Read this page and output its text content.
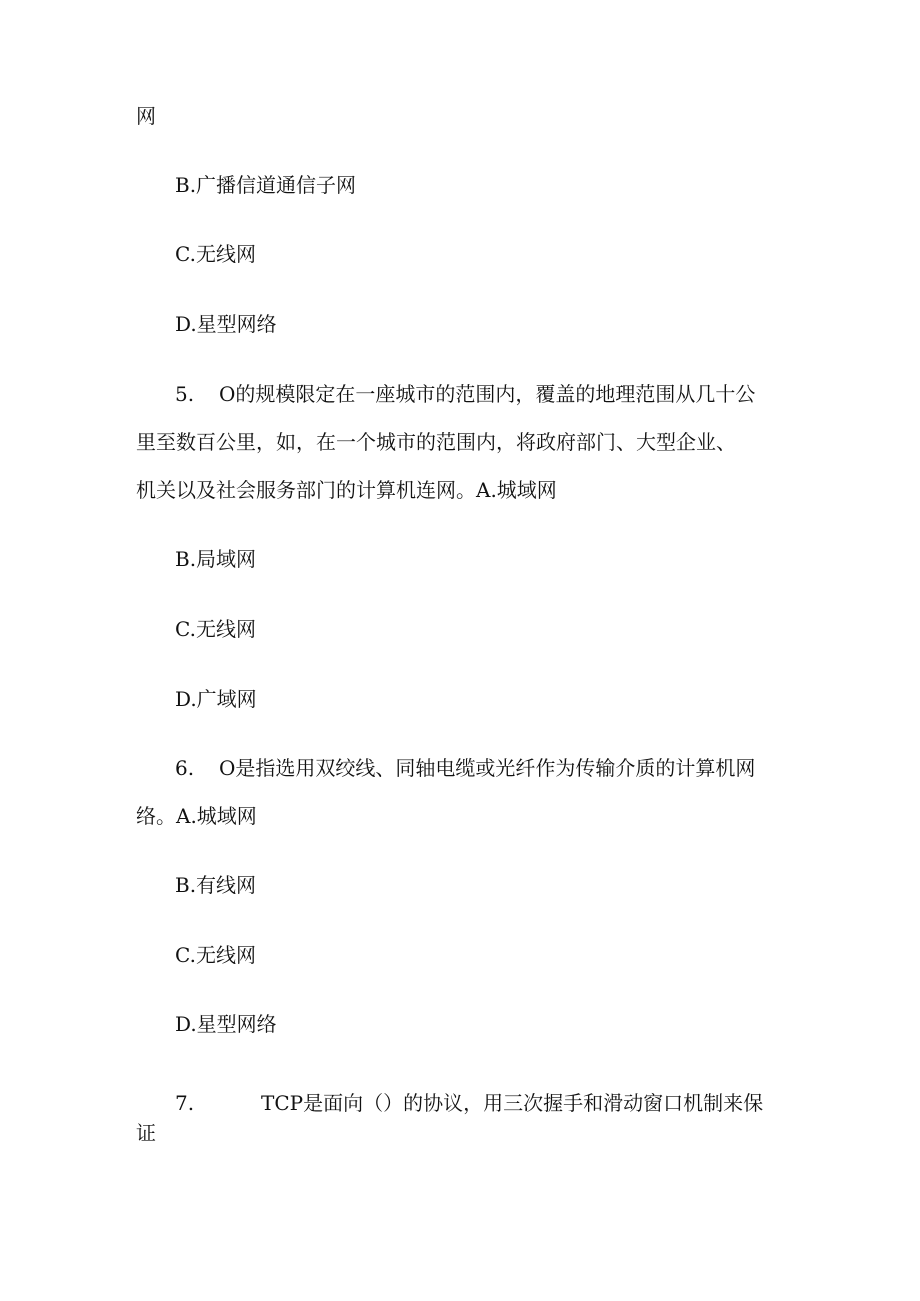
网
B.广播信道通信子网
C.无线网
D.星型网络
5. O的规模限定在一座城市的范围内，覆盖的地理范围从几十公
里至数百公里，如，在一个城市的范围内，将政府部门、大型企业、
机关以及社会服务部门的计算机连网。A.城域网
B.局域网
C.无线网
D.广域网
6. O是指选用双绞线、同轴电缆或光纤作为传输介质的计算机网
络。A.城域网
B.有线网
C.无线网
D.星型网络
7.	TCP是面向（）的协议，用三次握手和滑动窗口机制来保
证
